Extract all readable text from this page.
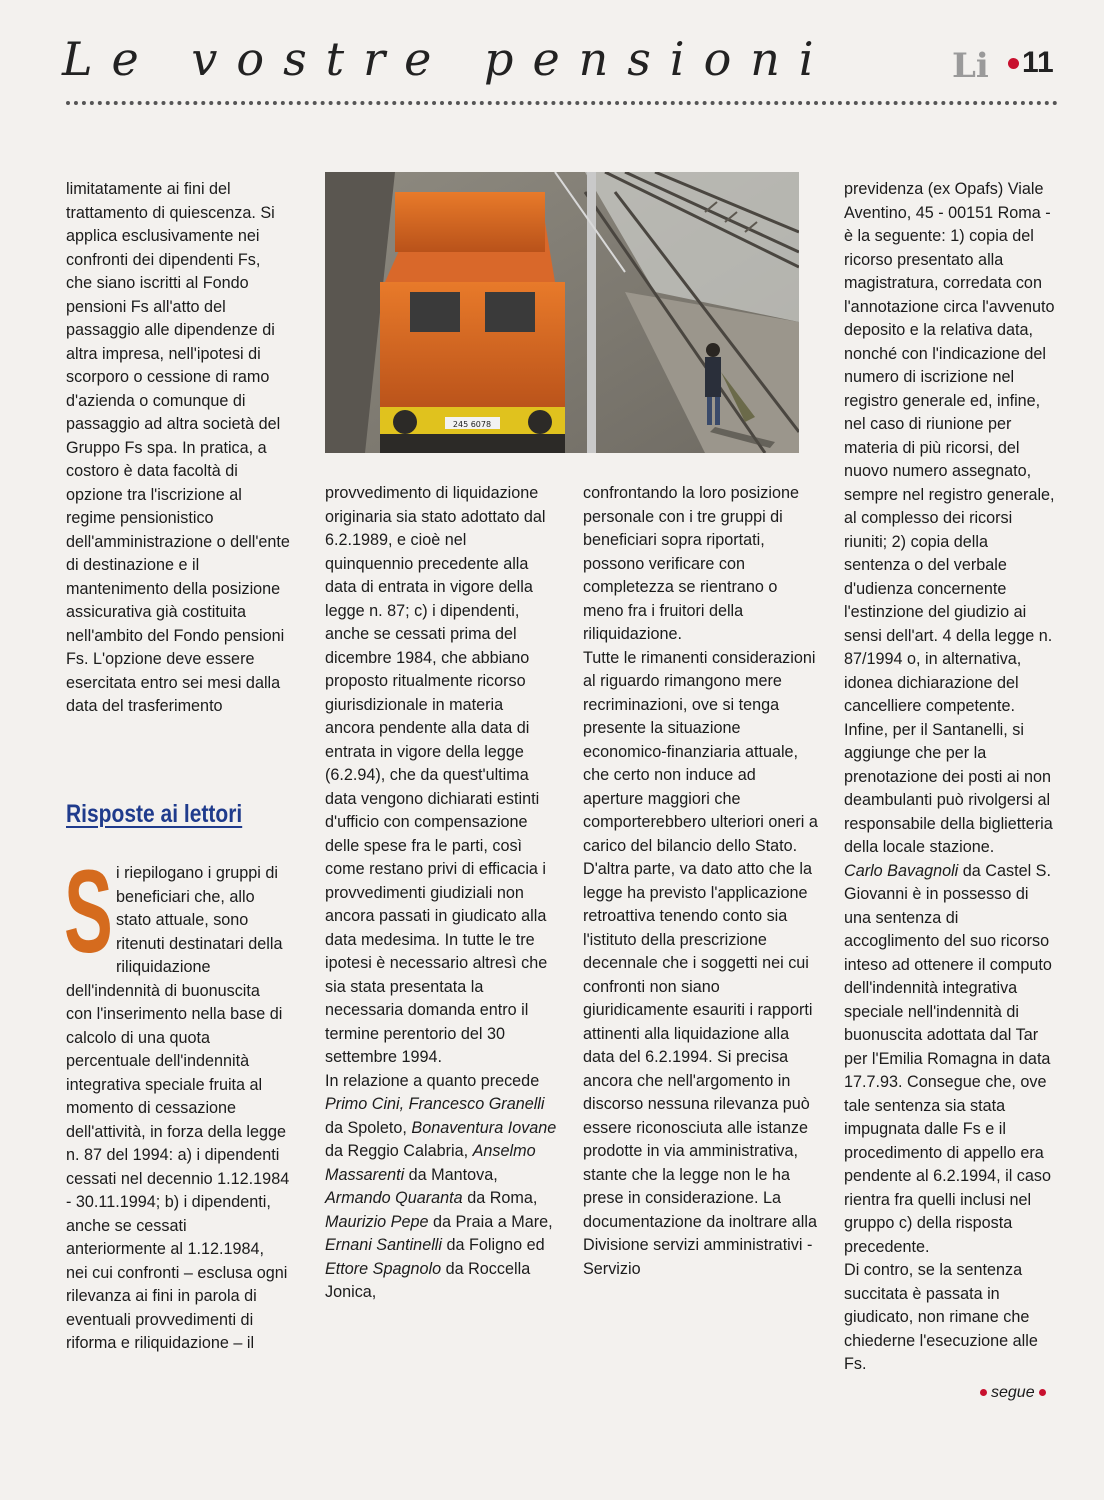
Le vostre pensioni	Li 11

limitatamente ai fini del trattamento di quiescenza. Si applica esclusivamente nei confronti dei dipendenti Fs, che siano iscritti al Fondo pensioni Fs all'atto del passaggio alle dipendenze di altra impresa, nell'ipotesi di scorporo o cessione di ramo d'azienda o comunque di passaggio ad altra società del Gruppo Fs spa. In pratica, a costoro è data facoltà di opzione tra l'iscrizione al regime pensionistico dell'amministrazione o dell'ente di destinazione e il mantenimento della posizione assicurativa già costituita nell'ambito del Fondo pensioni Fs. L'opzione deve essere esercitata entro sei mesi dalla data del trasferimento

Risposte ai lettori
S i riepilogano i gruppi di beneficiari che, allo stato attuale, sono ritenuti destinatari della riliquidazione dell'indennità di buonuscita con l'inserimento nella base di calcolo di una quota percentuale dell'indennità integrativa speciale fruita al momento di cessazione dell'attività, in forza della legge n. 87 del 1994: a) i dipendenti cessati nel decennio 1.12.1984 - 30.11.1994; b) i dipendenti, anche se cessati anteriormente al 1.12.1984, nei cui confronti – esclusa ogni rilevanza ai fini in parola di eventuali provvedimenti di riforma e riliquidazione – il

245 6078

provvedimento di liquidazione originaria sia stato adottato dal 6.2.1989, e cioè nel quinquennio precedente alla data di entrata in vigore della legge n. 87; c) i dipendenti, anche se cessati prima del dicembre 1984, che abbiano proposto ritualmente ricorso giurisdizionale in materia ancora pendente alla data di entrata in vigore della legge (6.2.94), che da quest'ultima data vengono dichiarati estinti d'ufficio con compensazione delle spese fra le parti, così come restano privi di efficacia i provvedimenti giudiziali non ancora passati in giudicato alla data medesima. In tutte le tre ipotesi è necessario altresì che sia stata presentata la necessaria domanda entro il termine perentorio del 30 settembre 1994.

In relazione a quanto precede Primo Cini, Francesco Granelli da Spoleto, Bonaventura Iovane da Reggio Calabria, Anselmo Massarenti da Mantova, Armando Quaranta da Roma, Maurizio Pepe da Praia a Mare, Ernani Santinelli da Foligno ed Ettore Spagnolo da Roccella Jonica,

confrontando la loro posizione personale con i tre gruppi di beneficiari sopra riportati, possono verificare con completezza se rientrano o meno fra i fruitori della riliquidazione.

Tutte le rimanenti considerazioni al riguardo rimangono mere recriminazioni, ove si tenga presente la situazione economico-finanziaria attuale, che certo non induce ad aperture maggiori che comporterebbero ulteriori oneri a carico del bilancio dello Stato.

D'altra parte, va dato atto che la legge ha previsto l'applicazione retroattiva tenendo conto sia l'istituto della prescrizione decennale che i soggetti nei cui confronti non siano giuridicamente esauriti i rapporti attinenti alla liquidazione alla data del 6.2.1994. Si precisa ancora che nell'argomento in discorso nessuna rilevanza può essere riconosciuta alle istanze prodotte in via amministrativa, stante che la legge non le ha prese in considerazione. La documentazione da inoltrare alla Divisione servizi amministrativi - Servizio

previdenza (ex Opafs) Viale Aventino, 45 - 00151 Roma - è la seguente: 1) copia del ricorso presentato alla magistratura, corredata con l'annotazione circa l'avvenuto deposito e la relativa data, nonché con l'indicazione del numero di iscrizione nel registro generale ed, infine, nel caso di riunione per materia di più ricorsi, del nuovo numero assegnato, sempre nel registro generale, al complesso dei ricorsi riuniti; 2) copia della sentenza o del verbale d'udienza concernente l'estinzione del giudizio ai sensi dell'art. 4 della legge n. 87/1994 o, in alternativa, idonea dichiarazione del cancelliere competente. Infine, per il Santanelli, si aggiunge che per la prenotazione dei posti ai non deambulanti può rivolgersi al responsabile della biglietteria della locale stazione.

Carlo Bavagnoli da Castel S. Giovanni è in possesso di una sentenza di accoglimento del suo ricorso inteso ad ottenere il computo dell'indennità integrativa speciale nell'indennità di buonuscita adottata dal Tar per l'Emilia Romagna in data 17.7.93. Consegue che, ove tale sentenza sia stata impugnata dalle Fs e il procedimento di appello era pendente al 6.2.1994, il caso rientra fra quelli inclusi nel gruppo c) della risposta precedente.

Di contro, se la sentenza succitata è passata in giudicato, non rimane che chiederne l'esecuzione alle Fs.

segue
